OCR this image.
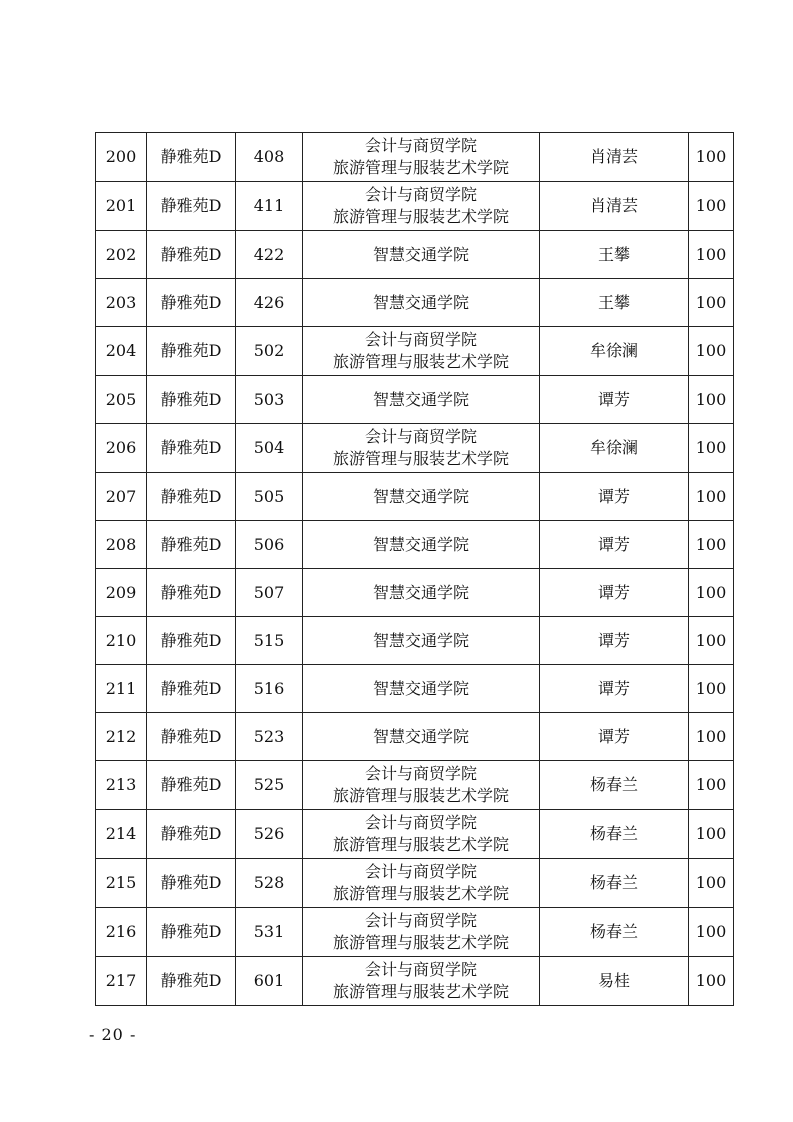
200	静雅苑D	408	会计与商贸学院
旅游管理与服装艺术学院	肖清芸	100
201	静雅苑D	411	会计与商贸学院
旅游管理与服装艺术学院	肖清芸	100
202	静雅苑D	422	智慧交通学院	王攀	100
203	静雅苑D	426	智慧交通学院	王攀	100
204	静雅苑D	502	会计与商贸学院
旅游管理与服装艺术学院	牟徐澜	100
205	静雅苑D	503	智慧交通学院	谭芳	100
206	静雅苑D	504	会计与商贸学院
旅游管理与服装艺术学院	牟徐澜	100
207	静雅苑D	505	智慧交通学院	谭芳	100
208	静雅苑D	506	智慧交通学院	谭芳	100
209	静雅苑D	507	智慧交通学院	谭芳	100
210	静雅苑D	515	智慧交通学院	谭芳	100
211	静雅苑D	516	智慧交通学院	谭芳	100
212	静雅苑D	523	智慧交通学院	谭芳	100
213	静雅苑D	525	会计与商贸学院
旅游管理与服装艺术学院	杨春兰	100
214	静雅苑D	526	会计与商贸学院
旅游管理与服装艺术学院	杨春兰	100
215	静雅苑D	528	会计与商贸学院
旅游管理与服装艺术学院	杨春兰	100
216	静雅苑D	531	会计与商贸学院
旅游管理与服装艺术学院	杨春兰	100
217	静雅苑D	601	会计与商贸学院
旅游管理与服装艺术学院	易桂	100
- 20 -
